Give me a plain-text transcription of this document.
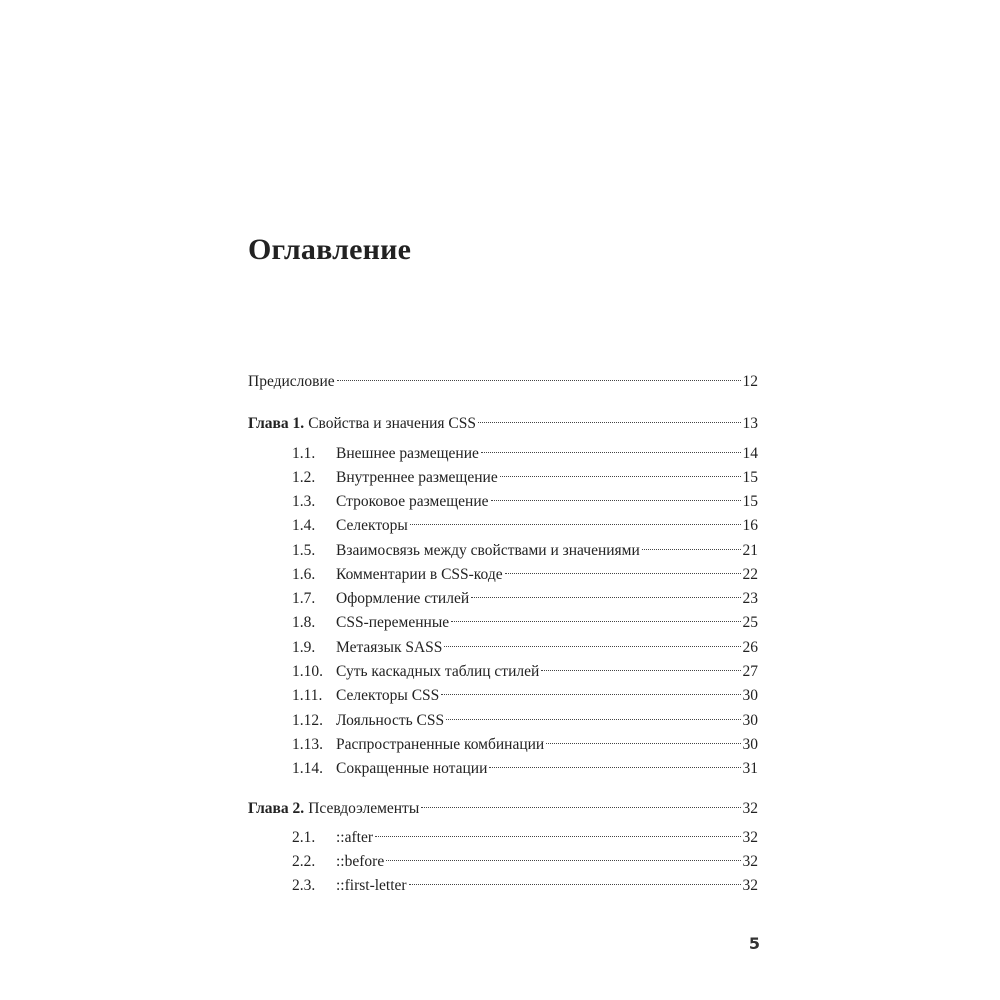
Оглавление
Предисловие	12
Глава 1. Свойства и значения CSS	13
1.1.	Внешнее размещение	14
1.2.	Внутреннее размещение	15
1.3.	Строковое размещение	15
1.4.	Селекторы	16
1.5.	Взаимосвязь между свойствами и значениями	21
1.6.	Комментарии в CSS-коде	22
1.7.	Оформление стилей	23
1.8.	CSS-переменные	25
1.9.	Метаязык SASS	26
1.10. Суть каскадных таблиц стилей	27
1.11. Селекторы CSS	30
1.12. Лояльность CSS	30
1.13. Распространенные комбинации	30
1.14. Сокращенные нотации	31
Глава 2. Псевдоэлементы	32
2.1.	::after	32
2.2.	::before	32
2.3.	::first-letter	32
5
